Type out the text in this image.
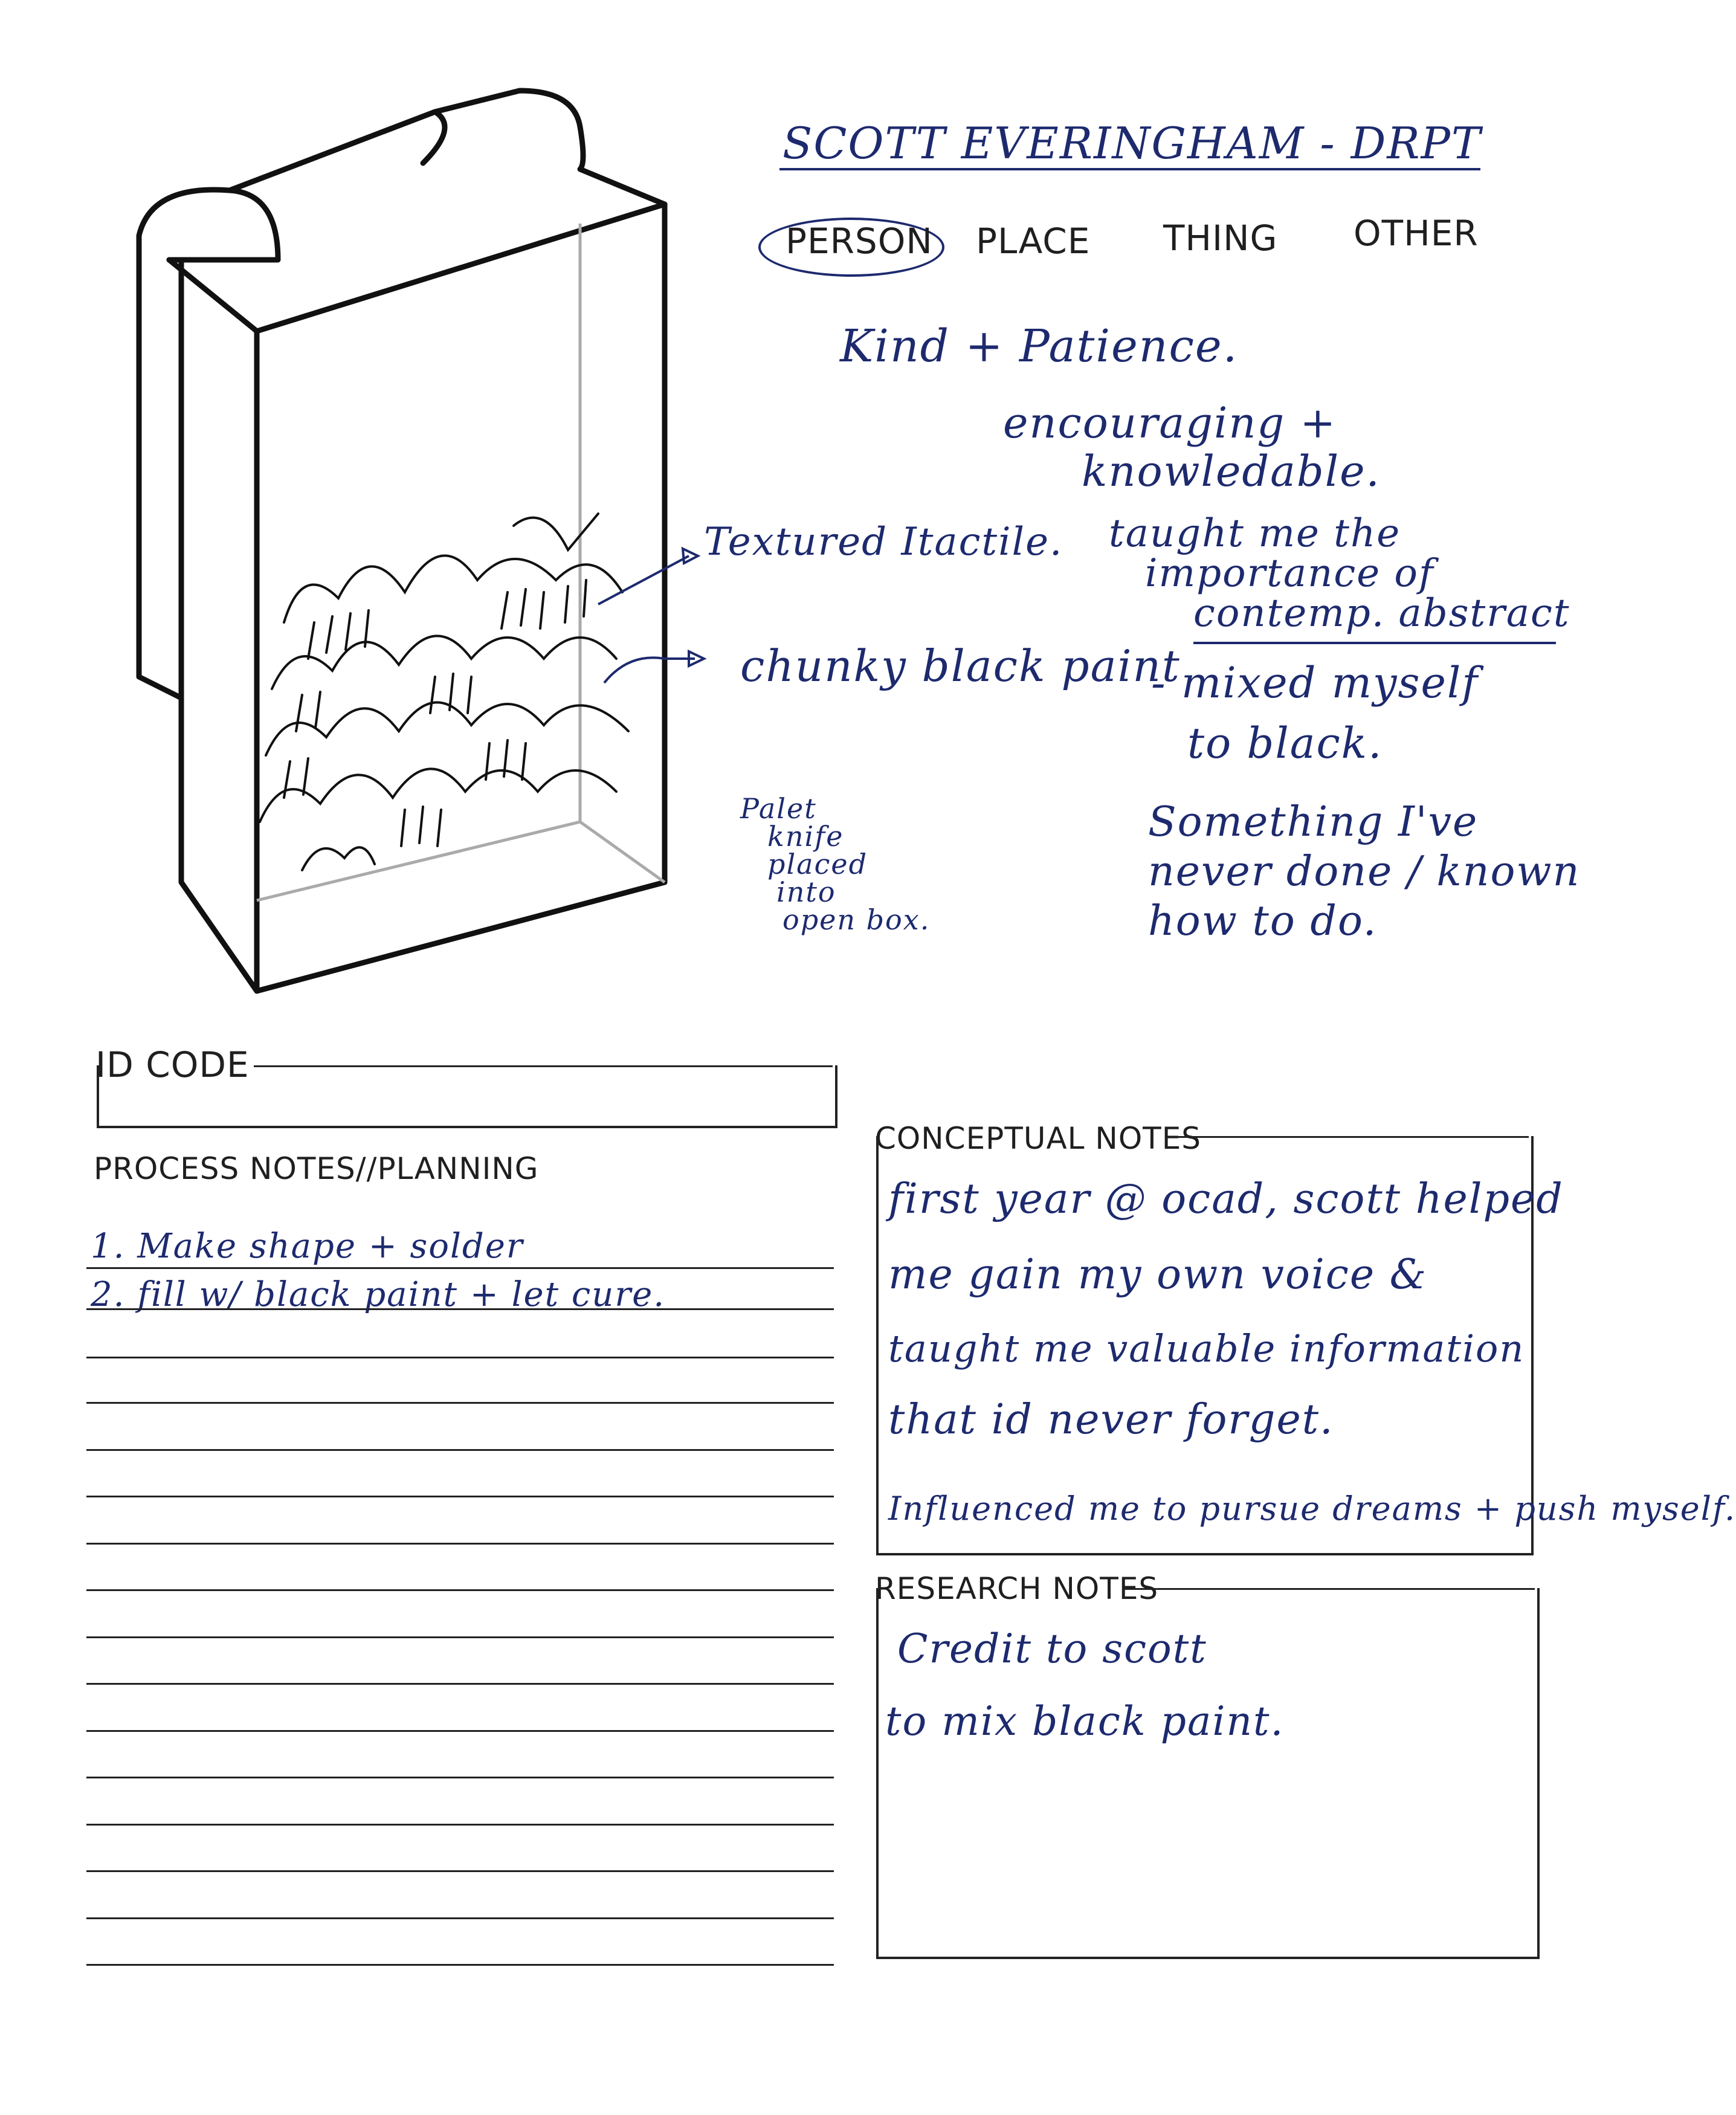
Textured Itactile.
chunky black paint
Palet
knife
placed
into
open box.
SCOTT EVERINGHAM - DRPT
PERSON PLACE THING OTHER
Kind + Patience.
encouraging +
knowledable.
taught me the
importance of
contemp. abstract
- mixed myself
to black.
Something I've
never done / known
how to do.
ID CODE
PROCESS NOTES//PLANNING
1. Make shape + solder
2. fill w/ black paint + let cure.
CONCEPTUAL NOTES
first year @ ocad, scott helped
me gain my own voice &
taught me valuable information
that id never forget.
Influenced me to pursue dreams + push myself.
RESEARCH NOTES
Credit to scott
to mix black paint.
